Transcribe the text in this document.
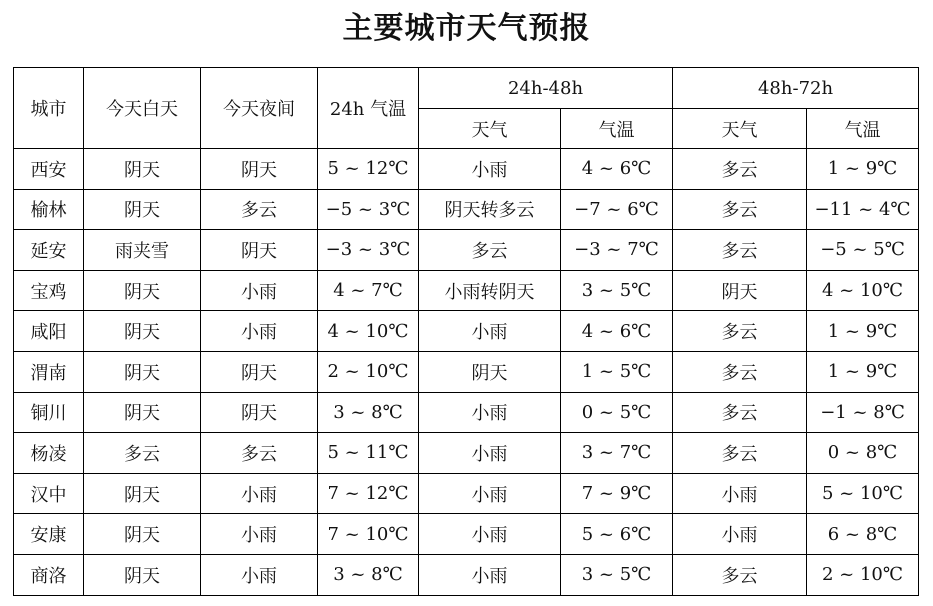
主要城市天气预报
城市	今天白天	今天夜间	24h 气温	24h-48h		48h-72h	
				天气	气温	天气	气温
西安	阴天	阴天	5 ~ 12℃	小雨	4 ~ 6℃	多云	1 ~ 9℃
榆林	阴天	多云	−5 ~ 3℃	阴天转多云	−7 ~ 6℃	多云	−11 ~ 4℃
延安	雨夹雪	阴天	−3 ~ 3℃	多云	−3 ~ 7℃	多云	−5 ~ 5℃
宝鸡	阴天	小雨	4 ~ 7℃	小雨转阴天	3 ~ 5℃	阴天	4 ~ 10℃
咸阳	阴天	小雨	4 ~ 10℃	小雨	4 ~ 6℃	多云	1 ~ 9℃
渭南	阴天	阴天	2 ~ 10℃	阴天	1 ~ 5℃	多云	1 ~ 9℃
铜川	阴天	阴天	3 ~ 8℃	小雨	0 ~ 5℃	多云	−1 ~ 8℃
杨凌	多云	多云	5 ~ 11℃	小雨	3 ~ 7℃	多云	0 ~ 8℃
汉中	阴天	小雨	7 ~ 12℃	小雨	7 ~ 9℃	小雨	5 ~ 10℃
安康	阴天	小雨	7 ~ 10℃	小雨	5 ~ 6℃	小雨	6 ~ 8℃
商洛	阴天	小雨	3 ~ 8℃	小雨	3 ~ 5℃	多云	2 ~ 10℃
